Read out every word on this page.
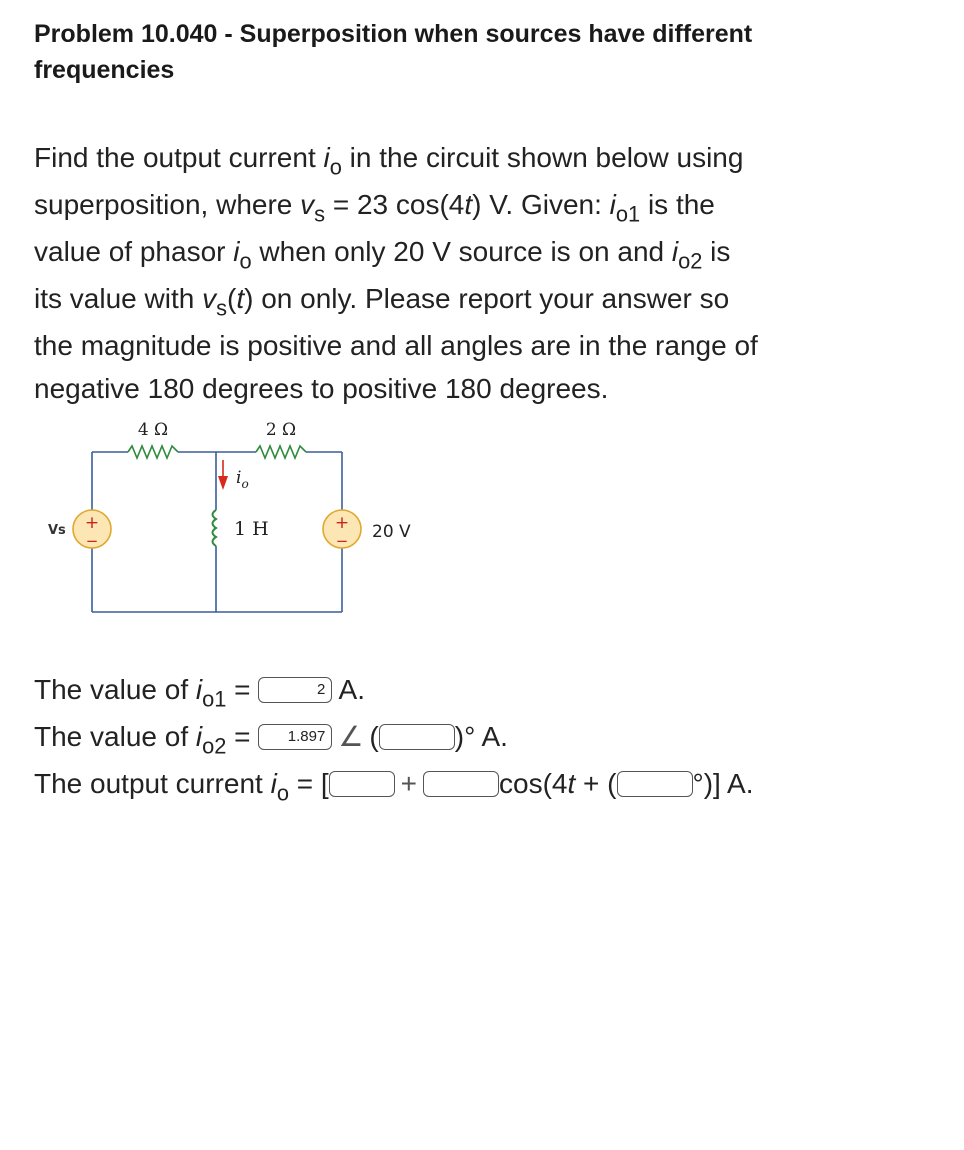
Problem 10.040 - Superposition when sources have different
frequencies
Find the output current $i_o$ in the circuit shown below using
superposition, where $v_s = 23$ cos(4t) V. Given: $i_{o1}$ is the
value of phasor $i_o$ when only 20 V source is on and $i_{o2}$ is
its value with $v_s(t)$ on only. Please report your answer so
the magnitude is positive and all angles are in the range of
negative 180 degrees to positive 180 degrees.
4 Ω	2 Ω
1 H
$i_o$
+
−
Vs	+
− 20 V
The value of $i_{o1}$ =	2 A.
The value of $i_{o2} = 1.897$ ∠ (	)° A.
The output current $i_o$ = [	+	cos(4t + (	°)] A.
